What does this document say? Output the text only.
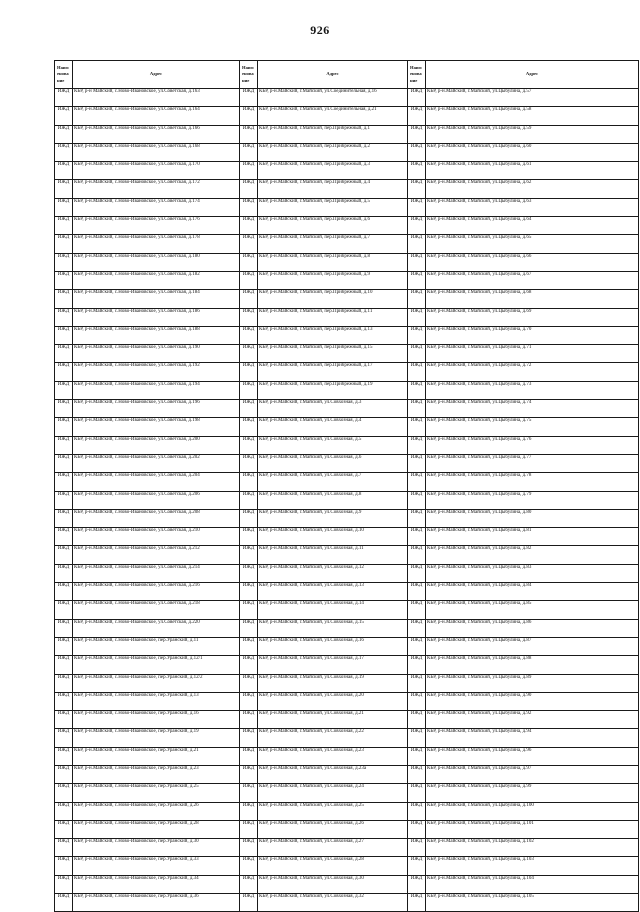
926
Наим енова ние	Адрес	Наим енова ние	Адрес	Наим енова ние	Адрес
ИЖД	КБР, р-н Майский, с.Ново-Ивановское, ул.Советская, д.163	ИЖД	КБР, р-н.Майский, г.Майский, ул.Соединительная, д.16	ИЖД	КБР, р-н.Майский, г.Майский, ул.Цыбулина, д.57
ИЖД	КБР, р-н.Майский, с.Ново-Ивановское, ул.Советская, д.164	ИЖД	КБР, р-н.Майский, г.Майский, ул.Соединительная, д.21	ИЖД	КБР, р-н.Майский, г.Майский, ул.Цыбулина, д.58
ИЖД	КБР, р-н.Майский, с.Ново-Ивановское, ул.Советская, д.166	ИЖД	КБР, р-н.Майский, г.Майский, пер.Прибрежный, д.1	ИЖД	КБР, р-н.Майский, г.Майский, ул.Цыбулина, д.59
ИЖД	КБР, р-н.Майский, с.Ново-Ивановское, ул.Советская, д.168	ИЖД	КБР, р-н.Майский, г.Майский, пер.Прибрежный, д.2	ИЖД	КБР, р-н.Майский, г.Майский, ул.Цыбулина, д.60
ИЖД	КБР, р-н.Майский, с.Ново-Ивановское, ул.Советская, д.170	ИЖД	КБР, р-н.Майский, г.Майский, пер.Прибрежный, д.3	ИЖД	КБР, р-н.Майский, г.Майский, ул.Цыбулина, д.61
ИЖД	КБР, р-н.Майский, с.Ново-Ивановское, ул.Советская, д.172	ИЖД	КБР, р-н.Майский, г.Майский, пер.Прибрежный, д.4	ИЖД	КБР, р-н.Майский, г.Майский, ул.Цыбулина, д.62
ИЖД	КБР, р-н.Майский, с.Ново-Ивановское, ул.Советская, д.174	ИЖД	КБР, р-н.Майский, г.Майский, пер.Прибрежный, д.5	ИЖД	КБР, р-н.Майский, г.Майский, ул.Цыбулина, д.63
ИЖД	КБР, р-н.Майский, с.Ново-Ивановское, ул.Советская, д.176	ИЖД	КБР, р-н.Майский, г.Майский, пер.Прибрежный, д.6	ИЖД	КБР, р-н.Майский, г.Майский, ул.Цыбулина, д.64
ИЖД	КБР, р-н.Майский, с.Ново-Ивановское, ул.Советская, д.178	ИЖД	КБР, р-н.Майский, г.Майский, пер.Прибрежный, д.7	ИЖД	КБР, р-н.Майский, г.Майский, ул.Цыбулина, д.65
ИЖД	КБР, р-н.Майский, с.Ново-Ивановское, ул.Советская, д.180	ИЖД	КБР, р-н.Майский, г.Майский, пер.Прибрежный, д.8	ИЖД	КБР, р-н.Майский, г.Майский, ул.Цыбулина, д.66
ИЖД	КБР, р-н.Майский, с.Ново-Ивановское, ул.Советская, д.182	ИЖД	КБР, р-н.Майский, г.Майский, пер.Прибрежный, д.9	ИЖД	КБР, р-н.Майский, г.Майский, ул.Цыбулина, д.67
ИЖД	КБР, р-н.Майский, с.Ново-Ивановское, ул.Советская, д.184	ИЖД	КБР, р-н.Майский, г.Майский, пер.Прибрежный, д.10	ИЖД	КБР, р-н.Майский, г.Майский, ул.Цыбулина, д.68
ИЖД	КБР, р-н.Майский, с.Ново-Ивановское, ул.Советская, д.186	ИЖД	КБР, р-н.Майский, г.Майский, пер.Прибрежный, д.11	ИЖД	КБР, р-н.Майский, г.Майский, ул.Цыбулина, д.69
ИЖД	КБР, р-н.Майский, с.Ново-Ивановское, ул.Советская, д.188	ИЖД	КБР, р-н.Майский, г.Майский, пер.Прибрежный, д.13	ИЖД	КБР, р-н.Майский, г.Майский, ул.Цыбулина, д.70
ИЖД	КБР, р-н.Майский, с.Ново-Ивановское, ул.Советская, д.190	ИЖД	КБР, р-н.Майский, г.Майский, пер.Прибрежный, д.15	ИЖД	КБР, р-н.Майский, г.Майский, ул.Цыбулина, д.71
ИЖД	КБР, р-н.Майский, с.Ново-Ивановское, ул.Советская, д.192	ИЖД	КБР, р-н.Майский, г.Майский, пер.Прибрежный, д.17	ИЖД	КБР, р-н.Майский, г.Майский, ул.Цыбулина, д.72
ИЖД	КБР, р-н.Майский, с.Ново-Ивановское, ул.Советская, д.194	ИЖД	КБР, р-н.Майский, г.Майский, пер.Прибрежный, д.19	ИЖД	КБР, р-н.Майский, г.Майский, ул.Цыбулина, д.73
ИЖД	КБР, р-н.Майский, с.Ново-Ивановское, ул.Советская, д.196	ИЖД	КБР, р-н.Майский, г.Майский, ул.Совхозная, д.3	ИЖД	КБР, р-н.Майский, г.Майский, ул.Цыбулина, д.74
ИЖД	КБР, р-н.Майский, с.Ново-Ивановское, ул.Советская, д.198	ИЖД	КБР, р-н.Майский, г.Майский, ул.Совхозная, д.4	ИЖД	КБР, р-н.Майский, г.Майский, ул.Цыбулина, д.75
ИЖД	КБР, р-н.Майский, с.Ново-Ивановское, ул.Советская, д.200	ИЖД	КБР, р-н.Майский, г.Майский, ул.Совхозная, д.5	ИЖД	КБР, р-н.Майский, г.Майский, ул.Цыбулина, д.76
ИЖД	КБР, р-н.Майский, с.Ново-Ивановское, ул.Советская, д.202	ИЖД	КБР, р-н.Майский, г.Майский, ул.Совхозная, д.6	ИЖД	КБР, р-н.Майский, г.Майский, ул.Цыбулина, д.77
ИЖД	КБР, р-н.Майский, с.Ново-Ивановское, ул.Советская, д.204	ИЖД	КБР, р-н.Майский, г.Майский, ул.Совхозная, д.7	ИЖД	КБР, р-н.Майский, г.Майский, ул.Цыбулина, д.78
ИЖД	КБР, р-н.Майский, с.Ново-Ивановское, ул.Советская, д.206	ИЖД	КБР, р-н.Майский, г.Майский, ул.Совхозная, д.8	ИЖД	КБР, р-н.Майский, г.Майский, ул.Цыбулина, д.79
ИЖД	КБР, р-н.Майский, с.Ново-Ивановское, ул.Советская, д.208	ИЖД	КБР, р-н.Майский, г.Майский, ул.Совхозная, д.9	ИЖД	КБР, р-н.Майский, г.Майский, ул.Цыбулина, д.80
ИЖД	КБР, р-н.Майский, с.Ново-Ивановское, ул.Советская, д.210	ИЖД	КБР, р-н.Майский, г.Майский, ул.Совхозная, д.10	ИЖД	КБР, р-н.Майский, г.Майский, ул.Цыбулина, д.81
ИЖД	КБР, р-н.Майский, с.Ново-Ивановское, ул.Советская, д.212	ИЖД	КБР, р-н.Майский, г.Майский, ул.Совхозная, д.11	ИЖД	КБР, р-н.Майский, г.Майский, ул.Цыбулина, д.82
ИЖД	КБР, р-н.Майский, с.Ново-Ивановское, ул.Советская, д.214	ИЖД	КБР, р-н.Майский, г.Майский, ул.Совхозная, д.12	ИЖД	КБР, р-н.Майский, г.Майский, ул.Цыбулина, д.83
ИЖД	КБР, р-н.Майский, с.Ново-Ивановское, ул.Советская, д.216	ИЖД	КБР, р-н.Майский, г.Майский, ул.Совхозная, д.13	ИЖД	КБР, р-н.Майский, г.Майский, ул.Цыбулина, д.84
ИЖД	КБР, р-н.Майский, с.Ново-Ивановское, ул.Советская, д.218	ИЖД	КБР, р-н.Майский, г.Майский, ул.Совхозная, д.14	ИЖД	КБР, р-н.Майский, г.Майский, ул.Цыбулина, д.85
ИЖД	КБР, р-н.Майский, с.Ново-Ивановское, ул.Советская, д.220	ИЖД	КБР, р-н.Майский, г.Майский, ул.Совхозная, д.15	ИЖД	КБР, р-н.Майский, г.Майский, ул.Цыбулина, д.86
ИЖД	КБР, р-н.Майский, с.Ново-Ивановское, пер.Уранский, д.11	ИЖД	КБР, р-н.Майский, г.Майский, ул.Совхозная, д.16	ИЖД	КБР, р-н.Майский, г.Майский, ул.Цыбулина, д.87
ИЖД	КБР, р-н.Майский, с.Ново-Ивановское, пер.Уранский, д.12/1	ИЖД	КБР, р-н.Майский, г.Майский, ул.Совхозная, д.17	ИЖД	КБР, р-н.Майский, г.Майский, ул.Цыбулина, д.88
ИЖД	КБР, р-н.Майский, с.Ново-Ивановское, пер.Уранский, д.12/2	ИЖД	КБР, р-н.Майский, г.Майский, ул.Совхозная, д.19	ИЖД	КБР, р-н.Майский, г.Майский, ул.Цыбулина, д.89
ИЖД	КБР, р-н.Майский, с.Ново-Ивановское, пер.Уранский, д.13	ИЖД	КБР, р-н.Майский, г.Майский, ул.Совхозная, д.20	ИЖД	КБР, р-н.Майский, г.Майский, ул.Цыбулина, д.90
ИЖД	КБР, р-н.Майский, с.Ново-Ивановское, пер.Уранский, д.16	ИЖД	КБР, р-н.Майский, г.Майский, ул.Совхозная, д.21	ИЖД	КБР, р-н.Майский, г.Майский, ул.Цыбулина, д.92
ИЖД	КБР, р-н.Майский, с.Ново-Ивановское, пер.Уранский, д.19	ИЖД	КБР, р-н.Майский, г.Майский, ул.Совхозная, д.22	ИЖД	КБР, р-н.Майский, г.Майский, ул.Цыбулина, д.94
ИЖД	КБР, р-н.Майский, с.Ново-Ивановское, пер.Уранский, д.21	ИЖД	КБР, р-н.Майский, г.Майский, ул.Совхозная, д.23	ИЖД	КБР, р-н.Майский, г.Майский, ул.Цыбулина, д.96
ИЖД	КБР, р-н.Майский, с.Ново-Ивановское, пер.Уранский, д.23	ИЖД	КБР, р-н.Майский, г.Майский, ул.Совхозная, д.23а	ИЖД	КБР, р-н.Майский, г.Майский, ул.Цыбулина, д.97
ИЖД	КБР, р-н.Майский, с.Ново-Ивановское, пер.Уранский, д.25	ИЖД	КБР, р-н.Майский, г.Майский, ул.Совхозная, д.24	ИЖД	КБР, р-н.Майский, г.Майский, ул.Цыбулина, д.99
ИЖД	КБР, р-н.Майский, с.Ново-Ивановское, пер.Уранский, д.26	ИЖД	КБР, р-н.Майский, г.Майский, ул.Совхозная, д.25	ИЖД	КБР, р-н.Майский, г.Майский, ул.Цыбулина, д.100
ИЖД	КБР, р-н.Майский, с.Ново-Ивановское, пер.Уранский, д.28	ИЖД	КБР, р-н.Майский, г.Майский, ул.Совхозная, д.26	ИЖД	КБР, р-н.Майский, г.Майский, ул.Цыбулина, д.101
ИЖД	КБР, р-н.Майский, с.Ново-Ивановское, пер.Уранский, д.30	ИЖД	КБР, р-н.Майский, г.Майский, ул.Совхозная, д.27	ИЖД	КБР, р-н.Майский, г.Майский, ул.Цыбулина, д.102
ИЖД	КБР, р-н.Майский, с.Ново-Ивановское, пер.Уранский, д.33	ИЖД	КБР, р-н.Майский, г.Майский, ул.Совхозная, д.28	ИЖД	КБР, р-н.Майский, г.Майский, ул.Цыбулина, д.103
ИЖД	КБР, р-н.Майский, с.Ново-Ивановское, пер.Уранский, д.34	ИЖД	КБР, р-н.Майский, г.Майский, ул.Совхозная, д.30	ИЖД	КБР, р-н.Майский, г.Майский, ул.Цыбулина, д.104
ИЖД	КБР, р-н.Майский, с.Ново-Ивановское, пер.Уранский, д.36	ИЖД	КБР, р-н.Майский, г.Майский, ул.Совхозная, д.32	ИЖД	КБР, р-н.Майский, г.Майский, ул.Цыбулина, д.105
